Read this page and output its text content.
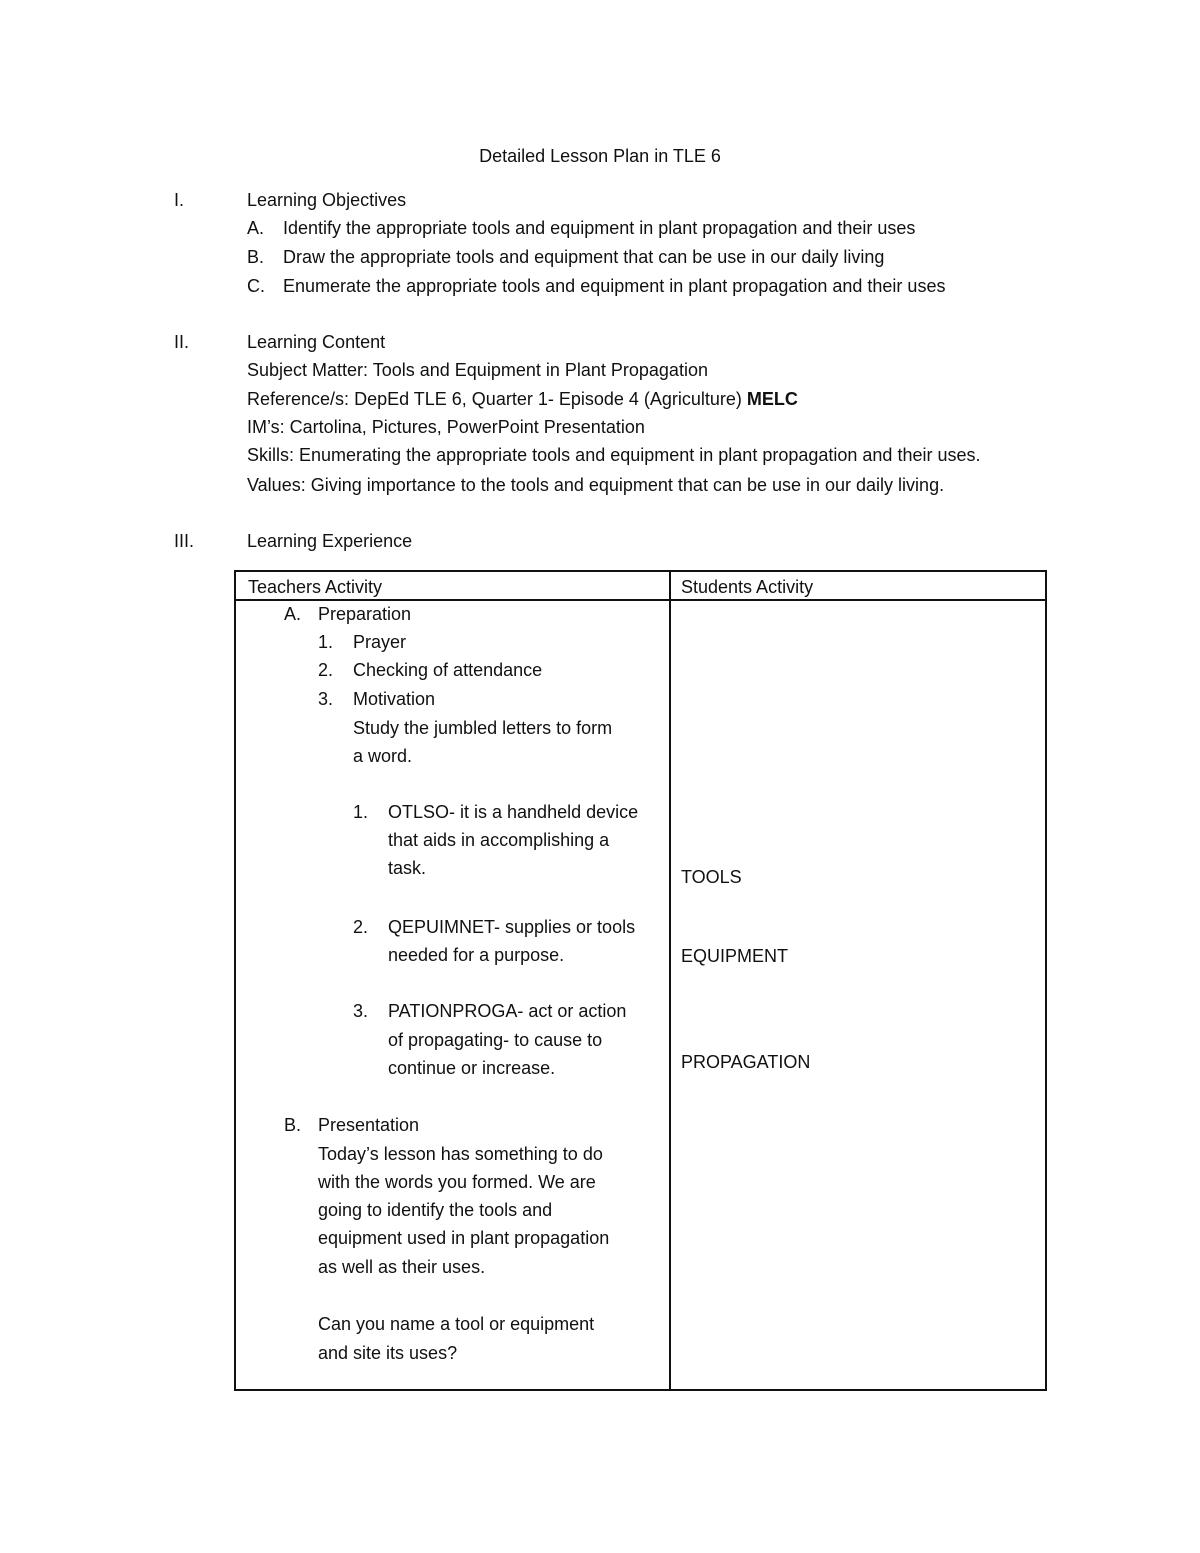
Detailed Lesson Plan in TLE 6
I.	Learning Objectives
A. Identify the appropriate tools and equipment in plant propagation and their uses
B. Draw the appropriate tools and equipment that can be use in our daily living
C. Enumerate the appropriate tools and equipment in plant propagation and their uses
II.	Learning Content
Subject Matter: Tools and Equipment in Plant Propagation
Reference/s: DepEd TLE 6, Quarter 1- Episode 4 (Agriculture) MELC
IM’s: Cartolina, Pictures, PowerPoint Presentation
Skills: Enumerating the appropriate tools and equipment in plant propagation and their uses.
Values: Giving importance to the tools and equipment that can be use in our daily living.
III.	Learning Experience
Teachers Activity	Students Activity
A. Preparation
1. Prayer
2. Checking of attendance
3. Motivation
Study the jumbled letters to form
a word.
1. OTLSO- it is a handheld device
that aids in accomplishing a
task.	TOOLS
2. QEPUIMNET- supplies or tools
needed for a purpose.	EQUIPMENT
3. PATIONPROGA- act or action
of propagating- to cause to
continue or increase.	PROPAGATION
B. Presentation
Today’s lesson has something to do
with the words you formed. We are
going to identify the tools and
equipment used in plant propagation
as well as their uses.
Can you name a tool or equipment
and site its uses?
